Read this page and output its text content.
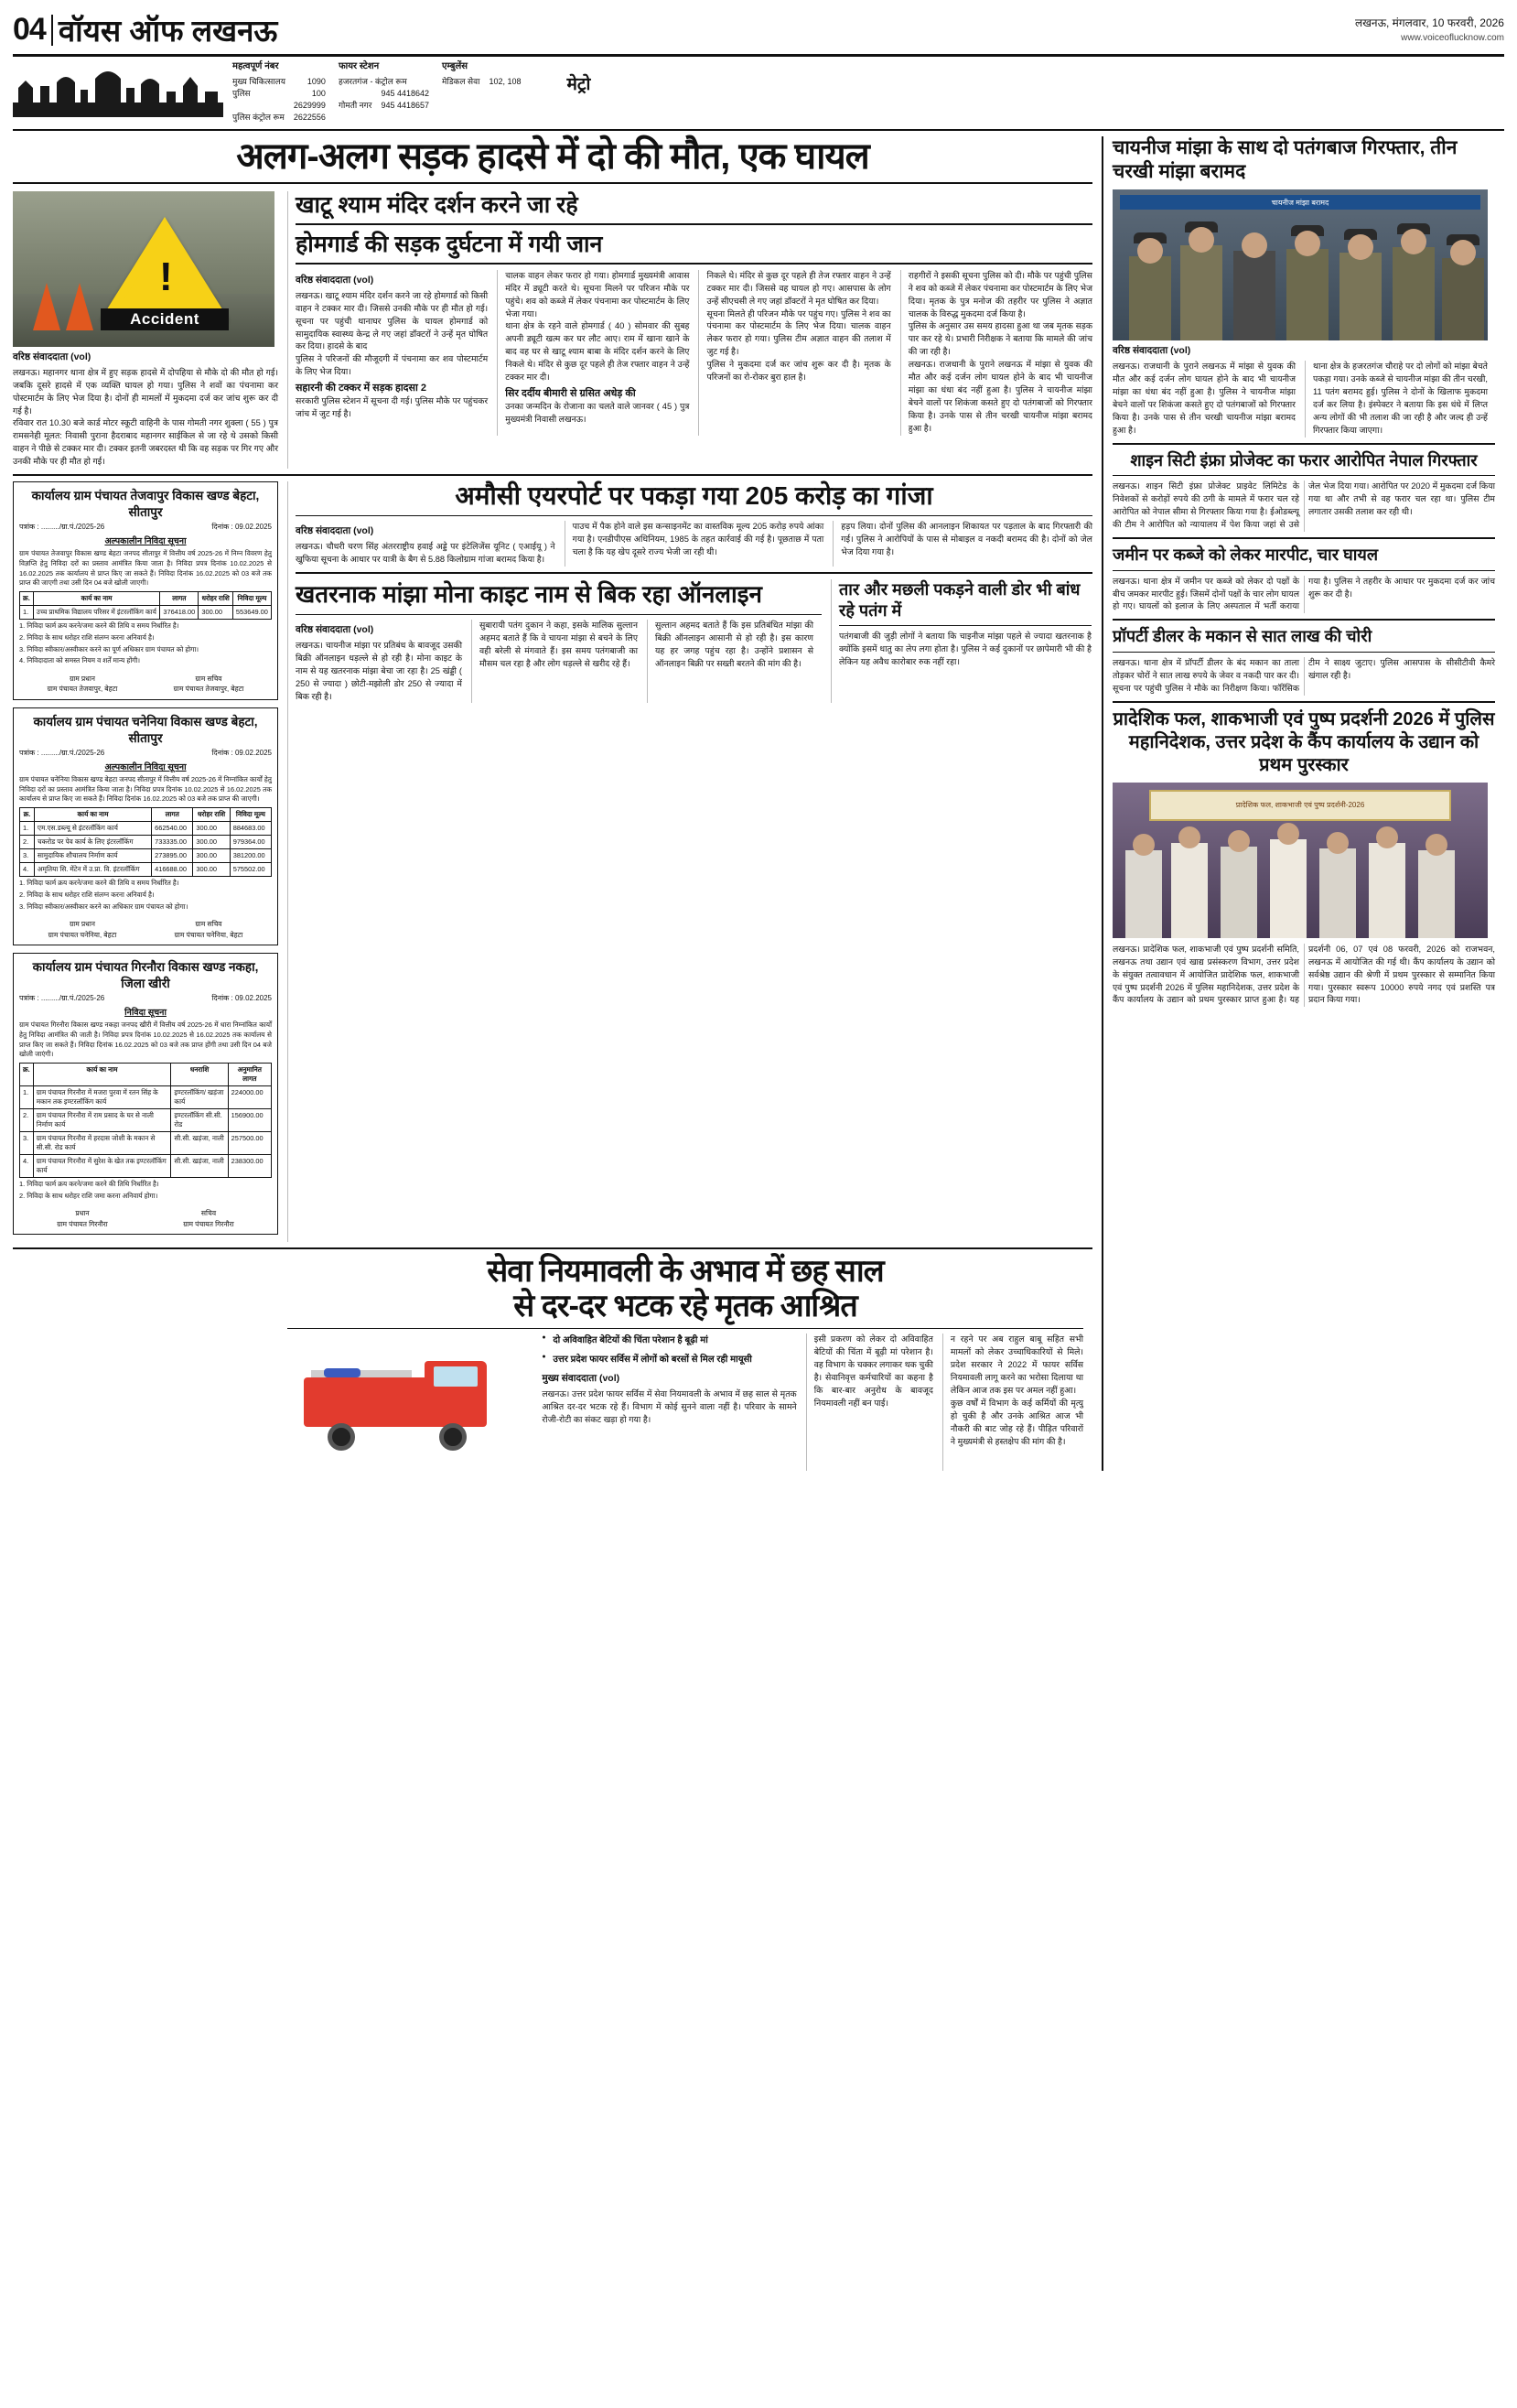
04 वॉयस ऑफ लखनऊ	लखनऊ, मंगलवार, 10 फरवरी, 2026
www.voiceoflucknow.com
महत्वपूर्ण नंबर
मुख्य चिकित्सालय	1090
पुलिस	100
2629999
पुलिस कंट्रोल रूम 2622556
फायर स्टेशन
हजरतगंज - कंट्रोल रूम
945 4418642
गोमती नगर 945 4418657
एम्बुलेंस
मेडिकल सेवा 102, 108	मेट्रो
अलग-अलग सड़क हादसे में दो की मौत, एक घायल
!
Accident
वरिष्ठ संवाददाता (vol)
लखनऊ। महानगर थाना क्षेत्र में हुए सड़क हादसे में दोपहिया से मौके दो की मौत हो गई। जबकि दूसरे हादसे में एक व्यक्ति घायल हो गया। पुलिस ने शवों का पंचनामा कर पोस्टमार्टम के लिए भेज दिया है। दोनों ही मामलों में मुकदमा दर्ज कर जांच शुरू कर दी गई है।
रविवार रात 10.30 बजे कार्ड मोटर स्कूटी वाहिनी के पास गोमती नगर शुक्ला ( 55 ) पुत्र रामसनेही मूलत: निवासी पुराना हैदराबाद महानगर साईकिल से जा रहे थे उसको किसी वाहन ने पीछे से टक्कर मार दी। टक्कर इतनी जबरदस्त थी कि वह सड़क पर गिर गए और उनकी मौके पर ही मौत हो गई।
खाटू श्याम मंदिर दर्शन करने जा रहे
होमगार्ड की सड़क दुर्घटना में गयी जान
वरिष्ठ संवाददाता (vol)
लखनऊ। खाटू श्याम मंदिर दर्शन करने जा रहे होमगार्ड को किसी वाहन ने टक्कर मार दी। जिससे उनकी मौके पर ही मौत हो गई। सूचना पर पहुंची थानाघर पुलिस के घायल होमगार्ड को सामुदायिक स्वास्थ्य केन्द्र ले गए जहां डॉक्टरों ने उन्हें मृत घोषित कर दिया। हादसे के बाद
पुलिस ने परिजनों की मौजूदगी में पंचनामा कर शव पोस्टमार्टम के लिए भेज दिया।
सहारनी की टक्कर में सड़क हादसा 2
सरकारी पुलिस स्टेशन में सूचना दी गई। पुलिस मौके पर पहुंचकर जांच में जुट गई है।
चालक वाहन लेकर फरार हो गया। होमगार्ड मुख्यमंत्री आवास मंदिर में ड्यूटी करते थे। सूचना मिलने पर परिजन मौके पर पहुंचे। शव को कब्जे में लेकर पंचनामा कर पोस्टमार्टम के लिए भेजा गया।
थाना क्षेत्र के रहने वाले होमगार्ड ( 40 ) सोमवार की सुबह अपनी ड्यूटी खत्म कर घर लौट आए। राम में खाना खाने के बाद वह घर से खाटू श्याम बाबा के मंदिर दर्शन करने के लिए निकले थे। मंदिर से कुछ दूर पहले ही तेज रफ्तार वाहन ने उन्हें टक्कर मार दी।
सिर दर्दीय बीमारी से ग्रसित अधेड़ की
उनका जन्मदिन के रोजाना का चलते वाले जानवर ( 45 ) पुत्र मुख्यमंत्री निवासी लखनऊ।
निकले थे। मंदिर से कुछ दूर पहले ही तेज रफ्तार वाहन ने उन्हें टक्कर मार दी। जिससे वह घायल हो गए। आसपास के लोग उन्हें सीएचसी ले गए जहां डॉक्टरों ने मृत घोषित कर दिया।
सूचना मिलते ही परिजन मौके पर पहुंच गए। पुलिस ने शव का पंचनामा कर पोस्टमार्टम के लिए भेज दिया। चालक वाहन लेकर फरार हो गया। पुलिस टीम अज्ञात वाहन की तलाश में जुट गई है।
पुलिस ने मुकदमा दर्ज कर जांच शुरू कर दी है। मृतक के परिजनों का रो-रोकर बुरा हाल है।
राहगीरों ने इसकी सूचना पुलिस को दी। मौके पर पहुंची पुलिस ने शव को कब्जे में लेकर पंचनामा कर पोस्टमार्टम के लिए भेज दिया। मृतक के पुत्र मनोज की तहरीर पर पुलिस ने अज्ञात चालक के विरुद्ध मुकदमा दर्ज किया है।
पुलिस के अनुसार उस समय हादसा हुआ था जब मृतक सड़क पार कर रहे थे। प्रभारी निरीक्षक ने बताया कि मामले की जांच की जा रही है।
लखनऊ। राजधानी के पुराने लखनऊ में मांझा से युवक की मौत और कई दर्जन लोग घायल होने के बाद भी चायनीज मांझा का धंधा बंद नहीं हुआ है। पुलिस ने चायनीज मांझा बेचने वालों पर शिकंजा कसते हुए दो पतंगबाजों को गिरफ्तार किया है। उनके पास से तीन चरखी चायनीज मांझा बरामद हुआ है।
कार्यालय ग्राम पंचायत तेजवापुर विकास खण्ड बेहटा, सीतापुर
पत्रांक : ........./ग्रा.पं./2025-26	दिनांक : 09.02.2025
अल्पकालीन निविदा सूचना

ग्राम पंचायत तेजवापुर विकास खण्ड बेहटा जनपद सीतापुर में वित्तीय वर्ष 2025-26 में निम्न विवरण हेतु विज्ञप्ति हेतु निविदा दरों का प्रस्ताव आमंत्रित किया जाता है। निविदा प्रपत्र दिनांक 10.02.2025 से 16.02.2025 तक कार्यालय से प्राप्त किए जा सकते हैं। निविदा दिनांक 16.02.2025 को 03 बजे तक प्राप्त की जाएगी तथा उसी दिन 04 बजे खोली जाएगी।

क्र.	कार्य का नाम	लागत	धरोहर राशि	निविदा मूल्य
1.	उच्च प्राथमिक विद्यालय परिसर में इंटरलॉकिंग कार्य	376418.00	300.00	553649.00

1. निविदा फार्म क्रय करने/जमा करने की तिथि व समय निर्धारित है।

2. निविदा के साथ धरोहर राशि संलग्न करना अनिवार्य है।

3. निविदा स्वीकार/अस्वीकार करने का पूर्ण अधिकार ग्राम पंचायत को होगा।

4. निविदादाता को समस्त नियम व शर्तें मान्य होंगी।

ग्राम प्रधान
ग्राम पंचायत तेजवापुर, बेहटा
ग्राम सचिव
ग्राम पंचायत तेजवापुर, बेहटा
कार्यालय ग्राम पंचायत चनेनिया विकास खण्ड बेहटा, सीतापुर
पत्रांक : ........./ग्रा.पं./2025-26	दिनांक : 09.02.2025
अल्पकालीन निविदा सूचना

ग्राम पंचायत चनेनिया विकास खण्ड बेहटा जनपद सीतापुर में वित्तीय वर्ष 2025-26 में निम्नांकित कार्यों हेतु निविदा दरों का प्रस्ताव आमंत्रित किया जाता है। निविदा प्रपत्र दिनांक 10.02.2025 से 16.02.2025 तक कार्यालय से प्राप्त किए जा सकते हैं। निविदा दिनांक 16.02.2025 को 03 बजे तक प्राप्त की जाएगी।

क्र.	कार्य का नाम	लागत	धरोहर राशि	निविदा मूल्य
1.	एम.एस.डब्ल्यू से इंटरलॉकिंग कार्य	662540.00	300.00	884683.00
2.	चकरोड पर पेव कार्य के लिए इंटरलॉकिंग	733335.00	300.00	979364.00
3.	सामुदायिक शौचालय निर्माण कार्य	273895.00	300.00	381200.00
4.	अमृतिया सि. मेंटेन में उ.प्रा. वि. इंटरलॉकिंग	416688.00	300.00	575502.00

1. निविदा फार्म क्रय करने/जमा करने की तिथि व समय निर्धारित है।

2. निविदा के साथ धरोहर राशि संलग्न करना अनिवार्य है।

3. निविदा स्वीकार/अस्वीकार करने का अधिकार ग्राम पंचायत को होगा।

ग्राम प्रधान
ग्राम पंचायत चनेनिया, बेहटा
ग्राम सचिव
ग्राम पंचायत चनेनिया, बेहटा
कार्यालय ग्राम पंचायत गिरनौरा विकास खण्ड नकहा, जिला खीरी
पत्रांक : ........./ग्रा.पं./2025-26	दिनांक : 09.02.2025
निविदा सूचना

ग्राम पंचायत गिरनौरा विकास खण्ड नकहा जनपद खीरी में वित्तीय वर्ष 2025-26 में धारा निम्नांकित कार्यों हेतु निविदा आमंत्रित की जाती है। निविदा प्रपत्र दिनांक 10.02.2025 से 16.02.2025 तक कार्यालय से प्राप्त किए जा सकते हैं। निविदा दिनांक 16.02.2025 को 03 बजे तक प्राप्त होंगी तथा उसी दिन 04 बजे खोली जाएंगी।

क्र.	कार्य का नाम	धनराशि	अनुमानित लागत
1.	ग्राम पंचायत गिरनौरा में मजरा पुरवा में रतन सिंह के मकान तक इण्टरलॉकिंग कार्य	इण्टरलॉकिंग/ खड़ंजा कार्य	224000.00
2.	ग्राम पंचायत गिरनौरा में राम प्रसाद के घर से नाली निर्माण कार्य	इण्टरलॉकिंग सी.सी. रोड	156900.00
3.	ग्राम पंचायत गिरनौरा में हरदास जोशी के मकान से सी.सी. रोड कार्य	सी.सी. खड़ंजा, नाली	257500.00
4.	ग्राम पंचायत गिरनौरा में सुरेश के खेत तक इण्टरलॉकिंग कार्य	सी.सी. खड़ंजा, नाली	238300.00

1. निविदा फार्म क्रय करने/जमा करने की तिथि निर्धारित है।

2. निविदा के साथ धरोहर राशि जमा करना अनिवार्य होगा।

प्रधान
ग्राम पंचायत गिरनौरा
सचिव
ग्राम पंचायत गिरनौरा
अमौसी एयरपोर्ट पर पकड़ा गया 205 करोड़ का गांजा
वरिष्ठ संवाददाता (vol)
लखनऊ। चौधरी चरण सिंह अंतरराष्ट्रीय हवाई अड्डे पर इंटेलिजेंस यूनिट ( एआईयू ) ने खुफिया सूचना के आधार पर यात्री के बैग से 5.88 किलोग्राम गांजा बरामद किया है।
पाउच में पैक होने वाले इस कन्साइनमेंट का वास्तविक मूल्य 205 करोड़ रुपये आंका गया है। एनडीपीएस अधिनियम, 1985 के तहत कार्रवाई की गई है। पूछताछ में पता चला है कि यह खेप दूसरे राज्य भेजी जा रही थी।
हड़प लिया। दोनों पुलिस की आनलाइन शिकायत पर पड़ताल के बाद गिरफ्तारी की गई। पुलिस ने आरोपियों के पास से मोबाइल व नकदी बरामद की है। दोनों को जेल भेज दिया गया है।
खतरनाक मांझा मोना काइट नाम से बिक रहा ऑनलाइन
वरिष्ठ संवाददाता (vol)
लखनऊ। चायनीज मांझा पर प्रतिबंध के बावजूद उसकी बिक्री ऑनलाइन धड़ल्ले से हो रही है। मोना काइट के नाम से यह खतरनाक मांझा बेचा जा रहा है। 25 खंड्डी ( 250 से ज्यादा ) छोटी-मझोली डोर 250 से ज्यादा में बिक रही है।
सुबारायी पतंग दुकान ने कहा, इसके मालिक सुल्तान अहमद बताते हैं कि वे चायना मांझा से बचने के लिए वही बरेली से मंगवाते हैं। इस समय पतंगबाजी का मौसम चल रहा है और लोग धड़ल्ले से खरीद रहे हैं।
सुल्तान अहमद बताते हैं कि इस प्रतिबंधित मांझा की बिक्री ऑनलाइन आसानी से हो रही है। इस कारण यह हर जगह पहुंच रहा है। उन्होंने प्रशासन से ऑनलाइन बिक्री पर सख्ती बरतने की मांग की है।
तार और मछली पकड़ने वाली डोर भी बांध रहे पतंग में
पतंगबाजी की जुड़ी लोगों ने बताया कि चाइनीज मांझा पहले से ज्यादा खतरनाक है क्योंकि इसमें धातु का लेप लगा होता है। पुलिस ने कई दुकानों पर छापेमारी भी की है लेकिन यह अवैध कारोबार रुक नहीं रहा।
सेवा नियमावली के अभाव में छह साल
से दर-दर भटक रहे मृतक आश्रित
● दो अविवाहित बेटियों की चिंता परेशान है बूढ़ी मां
● उत्तर प्रदेश फायर सर्विस में लोगों को बरसों से मिल रही मायूसी
मुख्य संवाददाता (vol)
लखनऊ। उत्तर प्रदेश फायर सर्विस में सेवा नियमावली के अभाव में छह साल से मृतक आश्रित दर-दर भटक रहे हैं। विभाग में कोई सुनने वाला नहीं है। परिवार के सामने रोजी-रोटी का संकट खड़ा हो गया है।
इसी प्रकरण को लेकर दो अविवाहित बेटियों की चिंता में बूढ़ी मां परेशान है। वह विभाग के चक्कर लगाकर थक चुकी है। सेवानिवृत्त कर्मचारियों का कहना है कि बार-बार अनुरोध के बावजूद नियमावली नहीं बन पाई।
न रहने पर अब राहुल बाबू सहित सभी मामलों को लेकर उच्चाधिकारियों से मिले। प्रदेश सरकार ने 2022 में फायर सर्विस नियमावली लागू करने का भरोसा दिलाया था लेकिन आज तक इस पर अमल नहीं हुआ।
कुछ वर्षों में विभाग के कई कर्मियों की मृत्यु हो चुकी है और उनके आश्रित आज भी नौकरी की बाट जोह रहे हैं। पीड़ित परिवारों ने मुख्यमंत्री से हस्तक्षेप की मांग की है।
चायनीज मांझा के साथ दो पतंगबाज गिरफ्तार, तीन चरखी मांझा बरामद
चायनीज मांझा बरामद
वरिष्ठ संवाददाता (vol)
लखनऊ। राजधानी के पुराने लखनऊ में मांझा से युवक की मौत और कई दर्जन लोग घायल होने के बाद भी चायनीज मांझा का धंधा बंद नहीं हुआ है। पुलिस ने चायनीज मांझा बेचने वालों पर शिकंजा कसते हुए दो पतंगबाजों को गिरफ्तार किया है। उनके पास से तीन चरखी चायनीज मांझा बरामद हुआ है।
थाना क्षेत्र के हजरतगंज चौराहे पर दो लोगों को मांझा बेचते पकड़ा गया। उनके कब्जे से चायनीज मांझा की तीन चरखी, 11 पतंग बरामद हुई। पुलिस ने दोनों के खिलाफ मुकदमा दर्ज कर लिया है। इंस्पेक्टर ने बताया कि इस धंधे में लिप्त अन्य लोगों की भी तलाश की जा रही है और जल्द ही उन्हें गिरफ्तार किया जाएगा।
शाइन सिटी इंफ्रा प्रोजेक्ट का फरार आरोपित नेपाल गिरफ्तार
लखनऊ। शाइन सिटी इंफ्रा प्रोजेक्ट प्राइवेट लिमिटेड के निवेशकों से करोड़ों रुपये की ठगी के मामले में फरार चल रहे आरोपित को नेपाल सीमा से गिरफ्तार किया गया है। ईओडब्ल्यू की टीम ने आरोपित को न्यायालय में पेश किया जहां से उसे जेल भेज दिया गया। आरोपित पर 2020 में मुकदमा दर्ज किया गया था और तभी से वह फरार चल रहा था। पुलिस टीम लगातार उसकी तलाश कर रही थी।
जमीन पर कब्जे को लेकर मारपीट, चार घायल
लखनऊ। थाना क्षेत्र में जमीन पर कब्जे को लेकर दो पक्षों के बीच जमकर मारपीट हुई। जिसमें दोनों पक्षों के चार लोग घायल हो गए। घायलों को इलाज के लिए अस्पताल में भर्ती कराया गया है। पुलिस ने तहरीर के आधार पर मुकदमा दर्ज कर जांच शुरू कर दी है।
प्रॉपर्टी डीलर के मकान से सात लाख की चोरी
लखनऊ। थाना क्षेत्र में प्रॉपर्टी डीलर के बंद मकान का ताला तोड़कर चोरों ने सात लाख रुपये के जेवर व नकदी पार कर दी। सूचना पर पहुंची पुलिस ने मौके का निरीक्षण किया। फॉरेंसिक टीम ने साक्ष्य जुटाए। पुलिस आसपास के सीसीटीवी कैमरे खंगाल रही है।
प्रादेशिक फल, शाकभाजी एवं पुष्प प्रदर्शनी 2026 में पुलिस महानिदेशक, उत्तर प्रदेश के कैंप कार्यालय के उद्यान को प्रथम पुरस्कार
प्रादेशिक फल, शाकभाजी एवं पुष्प प्रदर्शनी-2026
लखनऊ। प्रादेशिक फल, शाकभाजी एवं पुष्प प्रदर्शनी समिति, लखनऊ तथा उद्यान एवं खाद्य प्रसंस्करण विभाग, उत्तर प्रदेश के संयुक्त तत्वावधान में आयोजित प्रादेशिक फल, शाकभाजी एवं पुष्प प्रदर्शनी 2026 में पुलिस महानिदेशक, उत्तर प्रदेश के कैंप कार्यालय के उद्यान को प्रथम पुरस्कार प्राप्त हुआ है। यह प्रदर्शनी 06, 07 एवं 08 फरवरी, 2026 को राजभवन, लखनऊ में आयोजित की गई थी। कैंप कार्यालय के उद्यान को सर्वश्रेष्ठ उद्यान की श्रेणी में प्रथम पुरस्कार से सम्मानित किया गया। पुरस्कार स्वरूप 10000 रुपये नगद एवं प्रशस्ति पत्र प्रदान किया गया।
